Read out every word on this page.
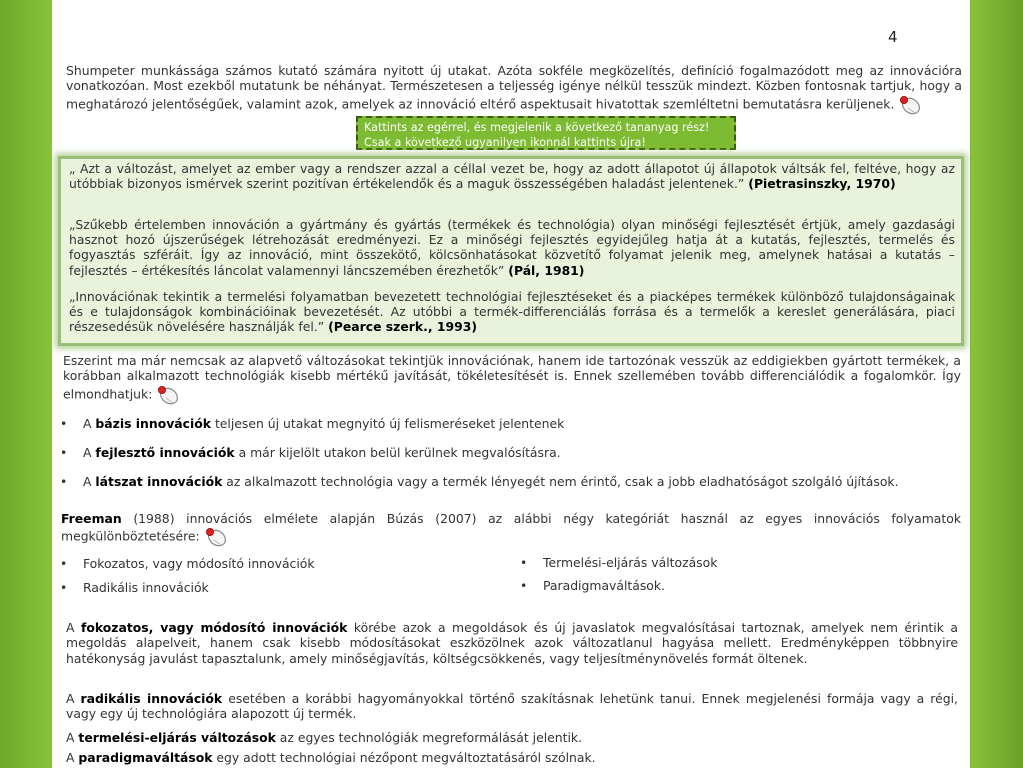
4
Shumpeter munkássága számos kutató számára nyitott új utakat. Azóta sokféle megközelítés, definíció fogalmazódott meg az innovációra vonatkozóan. Most ezekből mutatunk be néhányat. Természetesen a teljesség igénye nélkül tesszük mindezt. Közben fontosnak tartjuk, hogy a meghatározó jelentőségűek, valamint azok, amelyek az innováció eltérő aspektusait hivatottak szemléltetni bemutatásra kerüljenek.
Kattints az egérrel, és megjelenik a következő tananyag rész! Csak a következő ugyanilyen ikonnál kattints újra!
„ Azt a változást, amelyet az ember vagy a rendszer azzal a céllal vezet be, hogy az adott állapotot új állapotok váltsák fel, feltéve, hogy az utóbbiak bizonyos ismérvek szerint pozitívan értékelendők és a maguk összességében haladást jelentenek.” (Pietrasinszky, 1970)
„Szűkebb értelemben innováción a gyártmány és gyártás (termékek és technológia) olyan minőségi fejlesztését értjük, amely gazdasági hasznot hozó újszerűségek létrehozását eredményezi. Ez a minőségi fejlesztés egyidejűleg hatja át a kutatás, fejlesztés, termelés és fogyasztás szféráit. Így az innováció, mint összekötő, kölcsönhatásokat közvetítő folyamat jelenik meg, amelynek hatásai a kutatás – fejlesztés – értékesítés láncolat valamennyi láncszemében érezhetők” (Pál, 1981)
„Innovációnak tekintik a termelési folyamatban bevezetett technológiai fejlesztéseket és a piacképes termékek különböző tulajdonságainak és e tulajdonságok kombinációinak bevezetését. Az utóbbi a termék-differenciálás forrása és a termelők a kereslet generálására, piaci részesedésük növelésére használják fel.” (Pearce szerk., 1993)
Eszerint ma már nemcsak az alapvető változásokat tekintjük innovációnak, hanem ide tartozónak vesszük az eddigiekben gyártott termékek, a korábban alkalmazott technológiák kisebb mértékű javítását, tökéletesítését is. Ennek szellemében tovább differenciálódik a fogalomkör. Így elmondhatjuk:
• A bázis innovációk teljesen új utakat megnyitó új felismeréseket jelentenek
• A fejlesztő innovációk a már kijelölt utakon belül kerülnek megvalósításra.
• A látszat innovációk az alkalmazott technológia vagy a termék lényegét nem érintő, csak a jobb eladhatóságot szolgáló újítások.
Freeman (1988) innovációs elmélete alapján Búzás (2007) az alábbi négy kategóriát használ az egyes innovációs folyamatok megkülönböztetésére:
• Fokozatos, vagy módosító innovációk
• Radikális innovációk
• Termelési-eljárás változások
• Paradigmaváltások.
A fokozatos, vagy módosító innovációk körébe azok a megoldások és új javaslatok megvalósításai tartoznak, amelyek nem érintik a megoldás alapelveit, hanem csak kisebb módosításokat eszközölnek azok változatlanul hagyása mellett. Eredményképpen többnyire hatékonyság javulást tapasztalunk, amely minőségjavítás, költségcsökkenés, vagy teljesítménynövelés formát öltenek.
A radikális innovációk esetében a korábbi hagyományokkal történő szakításnak lehetünk tanui. Ennek megjelenési formája vagy a régi, vagy egy új technológiára alapozott új termék.
A termelési-eljárás változások az egyes technológiák megreformálását jelentik.
A paradigmaváltások egy adott technológiai nézőpont megváltoztatásáról szólnak.
